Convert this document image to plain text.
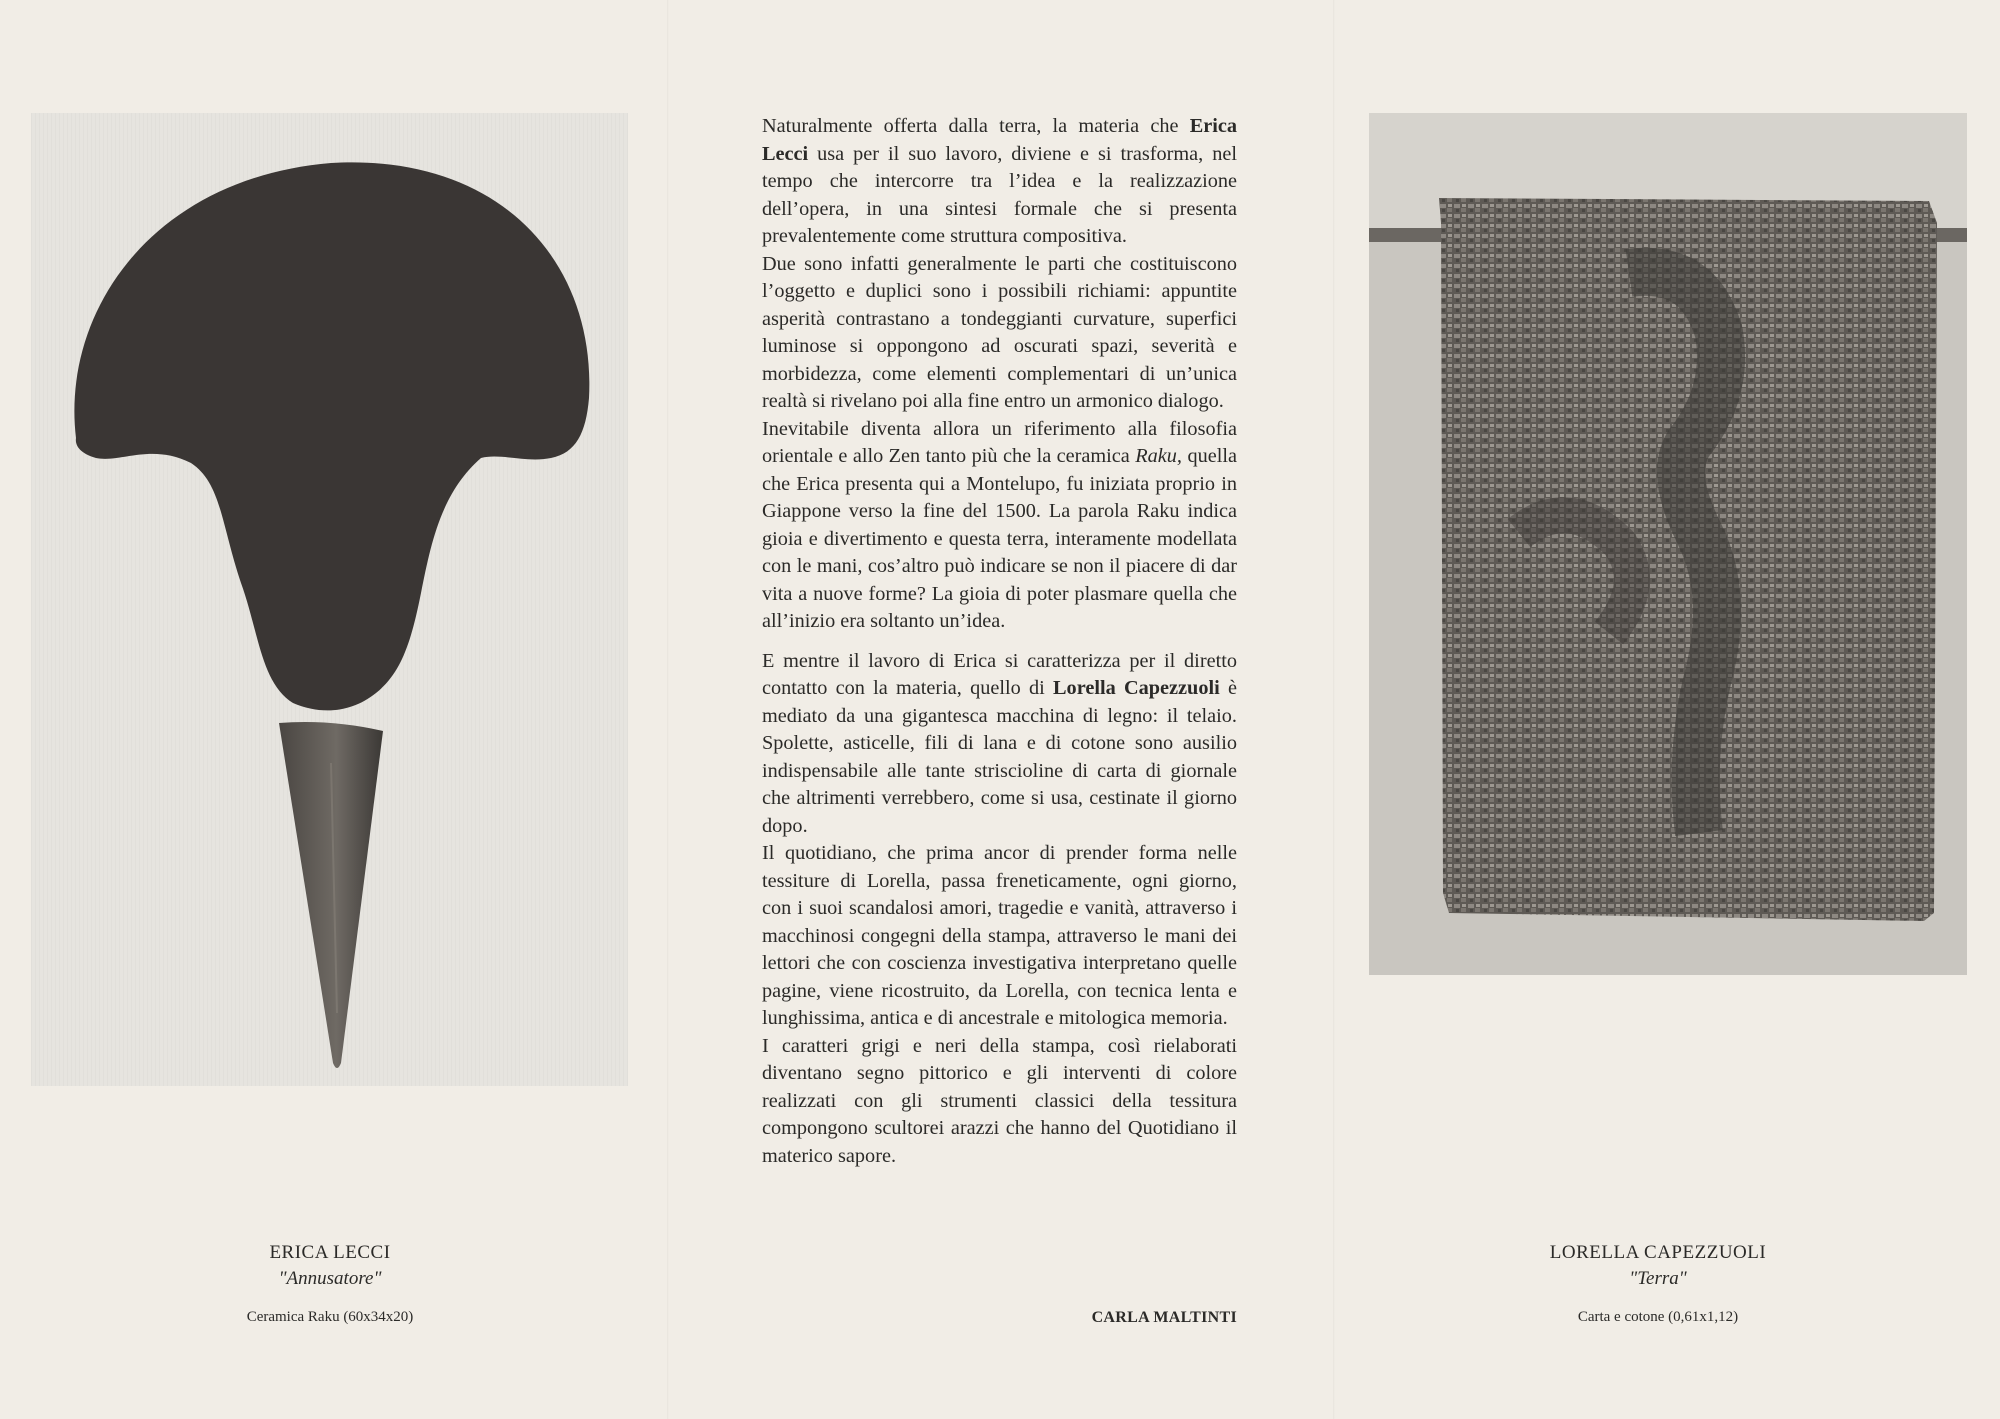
ERICA LECCI
"Annusatore"
Ceramica Raku (60x34x20)

Naturalmente offerta dalla terra, la materia che Erica Lecci usa per il suo lavoro, diviene e si trasforma, nel tempo che intercorre tra l’idea e la realizzazione dell’opera, in una sintesi formale che si presenta prevalentemente come struttura compositiva.

Due sono infatti generalmente le parti che costituiscono l’oggetto e duplici sono i possibili richiami: appuntite asperità contrastano a tondeggianti curvature, superfici luminose si oppongono ad oscurati spazi, severità e morbidezza, come elementi complementari di un’unica realtà si rivelano poi alla fine entro un armonico dialogo.

Inevitabile diventa allora un riferimento alla filosofia orientale e allo Zen tanto più che la ceramica Raku, quella che Erica presenta qui a Montelupo, fu iniziata proprio in Giappone verso la fine del 1500. La parola Raku indica gioia e divertimento e questa terra, interamente modellata con le mani, cos’altro può indicare se non il piacere di dar vita a nuove forme? La gioia di poter plasmare quella che all’inizio era soltanto un’idea.

E mentre il lavoro di Erica si caratterizza per il diretto contatto con la materia, quello di Lorella Capezzuoli è mediato da una gigantesca macchina di legno: il telaio. Spolette, asticelle, fili di lana e di cotone sono ausilio indispensabile alle tante striscioline di carta di giornale che altrimenti verrebbero, come si usa, cestinate il giorno dopo.

Il quotidiano, che prima ancor di prender forma nelle tessiture di Lorella, passa freneticamente, ogni giorno, con i suoi scandalosi amori, tragedie e vanità, attraverso i macchinosi congegni della stampa, attraverso le mani dei lettori che con coscienza investigativa interpretano quelle pagine, viene ricostruito, da Lorella, con tecnica lenta e lunghissima, antica e di ancestrale e mitologica memoria.

I caratteri grigi e neri della stampa, così rielaborati diventano segno pittorico e gli interventi di colore realizzati con gli strumenti classici della tessitura compongono scultorei arazzi che hanno del Quotidiano il materico sapore.

CARLA MALTINTI
LORELLA CAPEZZUOLI
"Terra"
Carta e cotone (0,61x1,12)
